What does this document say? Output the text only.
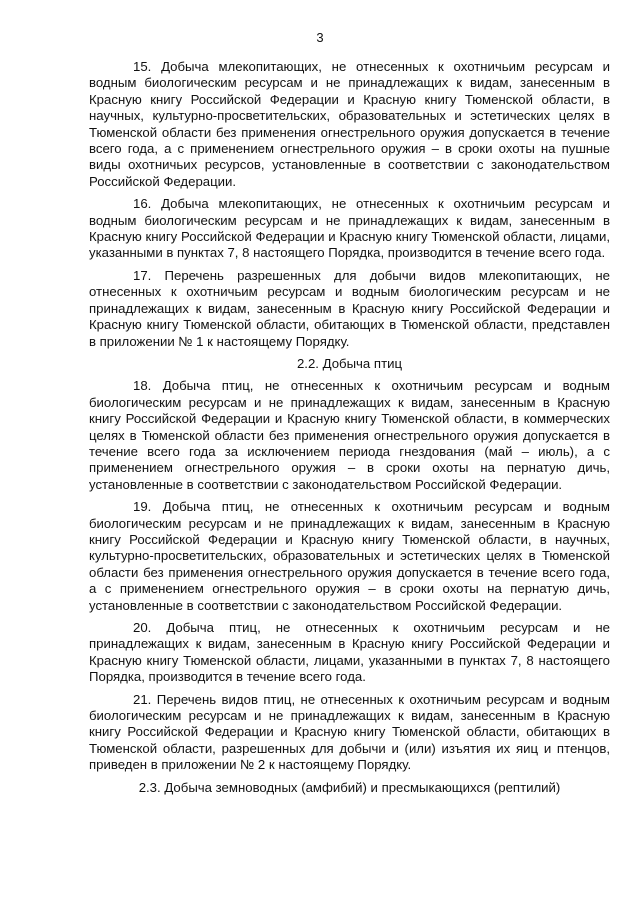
3

15. Добыча млекопитающих, не отнесенных к охотничьим ресурсам и водным биологическим ресурсам и не принадлежащих к видам, занесенным в Красную книгу Российской Федерации и Красную книгу Тюменской области, в научных, культурно-просветительских, образовательных и эстетических целях в Тюменской области без применения огнестрельного оружия допускается в течение всего года, а с применением огнестрельного оружия – в сроки охоты на пушные виды охотничьих ресурсов, установленные в соответствии с законодательством Российской Федерации.

16. Добыча млекопитающих, не отнесенных к охотничьим ресурсам и водным биологическим ресурсам и не принадлежащих к видам, занесенным в Красную книгу Российской Федерации и Красную книгу Тюменской области, лицами, указанными в пунктах 7, 8 настоящего Порядка, производится в течение всего года.

17. Перечень разрешенных для добычи видов млекопитающих, не отнесенных к охотничьим ресурсам и водным биологическим ресурсам и не принадлежащих к видам, занесенным в Красную книгу Российской Федерации и Красную книгу Тюменской области, обитающих в Тюменской области, представлен в приложении № 1 к настоящему Порядку.

2.2. Добыча птиц

18. Добыча птиц, не отнесенных к охотничьим ресурсам и водным биологическим ресурсам и не принадлежащих к видам, занесенным в Красную книгу Российской Федерации и Красную книгу Тюменской области, в коммерческих целях в Тюменской области без применения огнестрельного оружия допускается в течение всего года за исключением периода гнездования (май – июль), а с применением огнестрельного оружия – в сроки охоты на пернатую дичь, установленные в соответствии с законодательством Российской Федерации.

19. Добыча птиц, не отнесенных к охотничьим ресурсам и водным биологическим ресурсам и не принадлежащих к видам, занесенным в Красную книгу Российской Федерации и Красную книгу Тюменской области, в научных, культурно-просветительских, образовательных и эстетических целях в Тюменской области без применения огнестрельного оружия допускается в течение всего года, а с применением огнестрельного оружия – в сроки охоты на пернатую дичь, установленные в соответствии с законодательством Российской Федерации.

20. Добыча птиц, не отнесенных к охотничьим ресурсам и не принадлежащих к видам, занесенным в Красную книгу Российской Федерации и Красную книгу Тюменской области, лицами, указанными в пунктах 7, 8 настоящего Порядка, производится в течение всего года.

21. Перечень видов птиц, не отнесенных к охотничьим ресурсам и водным биологическим ресурсам и не принадлежащих к видам, занесенным в Красную книгу Российской Федерации и Красную книгу Тюменской области, обитающих в Тюменской области, разрешенных для добычи и (или) изъятия их яиц и птенцов, приведен в приложении № 2 к настоящему Порядку.

2.3. Добыча земноводных (амфибий) и пресмыкающихся (рептилий)
